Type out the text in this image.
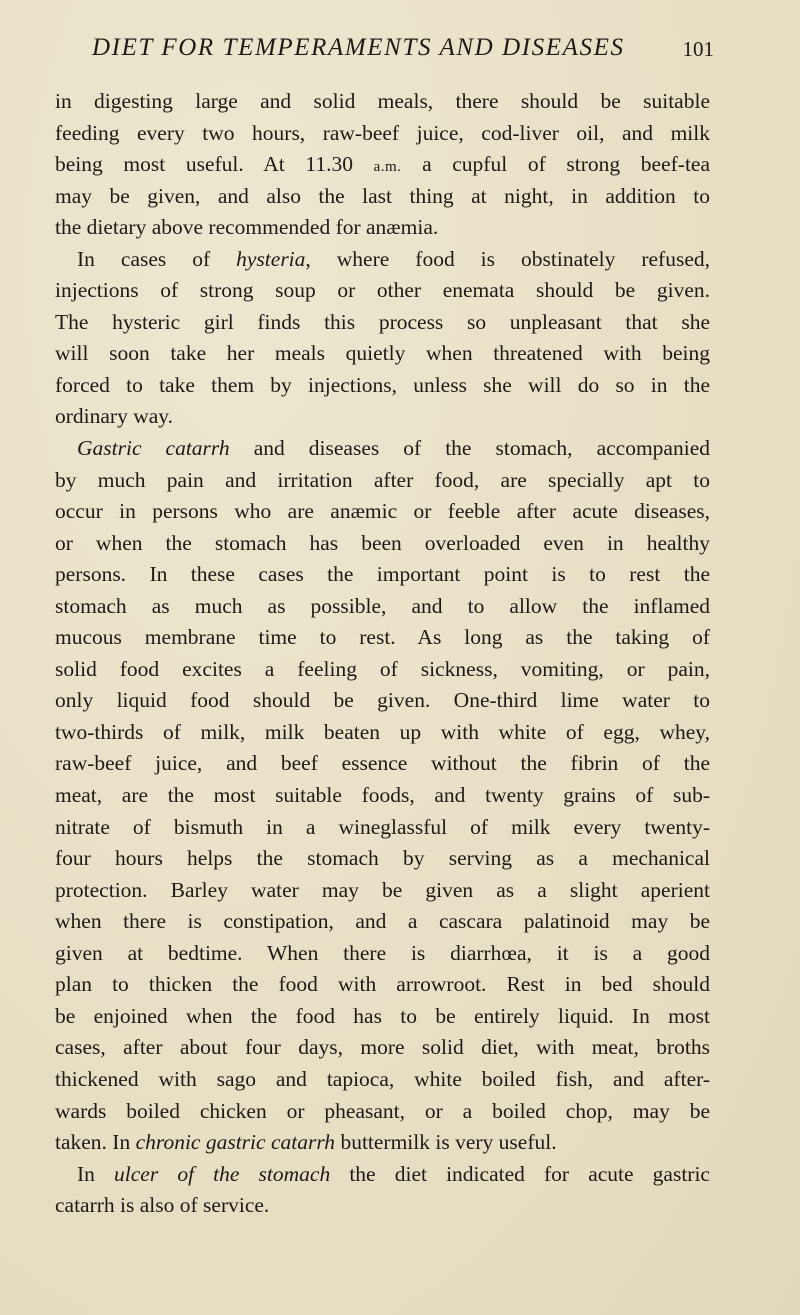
DIET FOR TEMPERAMENTS AND DISEASES	101
in digesting large and solid meals, there should be suitable
feeding every two hours, raw-beef juice, cod-liver oil, and milk
being most useful. At 11.30 a.m. a cupful of strong beef-tea
may be given, and also the last thing at night, in addition to
the dietary above recommended for anæmia.
In cases of hysteria, where food is obstinately refused,
injections of strong soup or other enemata should be given.
The hysteric girl finds this process so unpleasant that she
will soon take her meals quietly when threatened with being
forced to take them by injections, unless she will do so in the
ordinary way.
Gastric catarrh and diseases of the stomach, accompanied
by much pain and irritation after food, are specially apt to
occur in persons who are anæmic or feeble after acute diseases,
or when the stomach has been overloaded even in healthy
persons. In these cases the important point is to rest the
stomach as much as possible, and to allow the inflamed
mucous membrane time to rest. As long as the taking of
solid food excites a feeling of sickness, vomiting, or pain,
only liquid food should be given. One-third lime water to
two-thirds of milk, milk beaten up with white of egg, whey,
raw-beef juice, and beef essence without the fibrin of the
meat, are the most suitable foods, and twenty grains of sub-
nitrate of bismuth in a wineglassful of milk every twenty-
four hours helps the stomach by serving as a mechanical
protection. Barley water may be given as a slight aperient
when there is constipation, and a cascara palatinoid may be
given at bedtime. When there is diarrhœa, it is a good
plan to thicken the food with arrowroot. Rest in bed should
be enjoined when the food has to be entirely liquid. In most
cases, after about four days, more solid diet, with meat, broths
thickened with sago and tapioca, white boiled fish, and after-
wards boiled chicken or pheasant, or a boiled chop, may be
taken. In chronic gastric catarrh buttermilk is very useful.
In ulcer of the stomach the diet indicated for acute gastric
catarrh is also of service.
